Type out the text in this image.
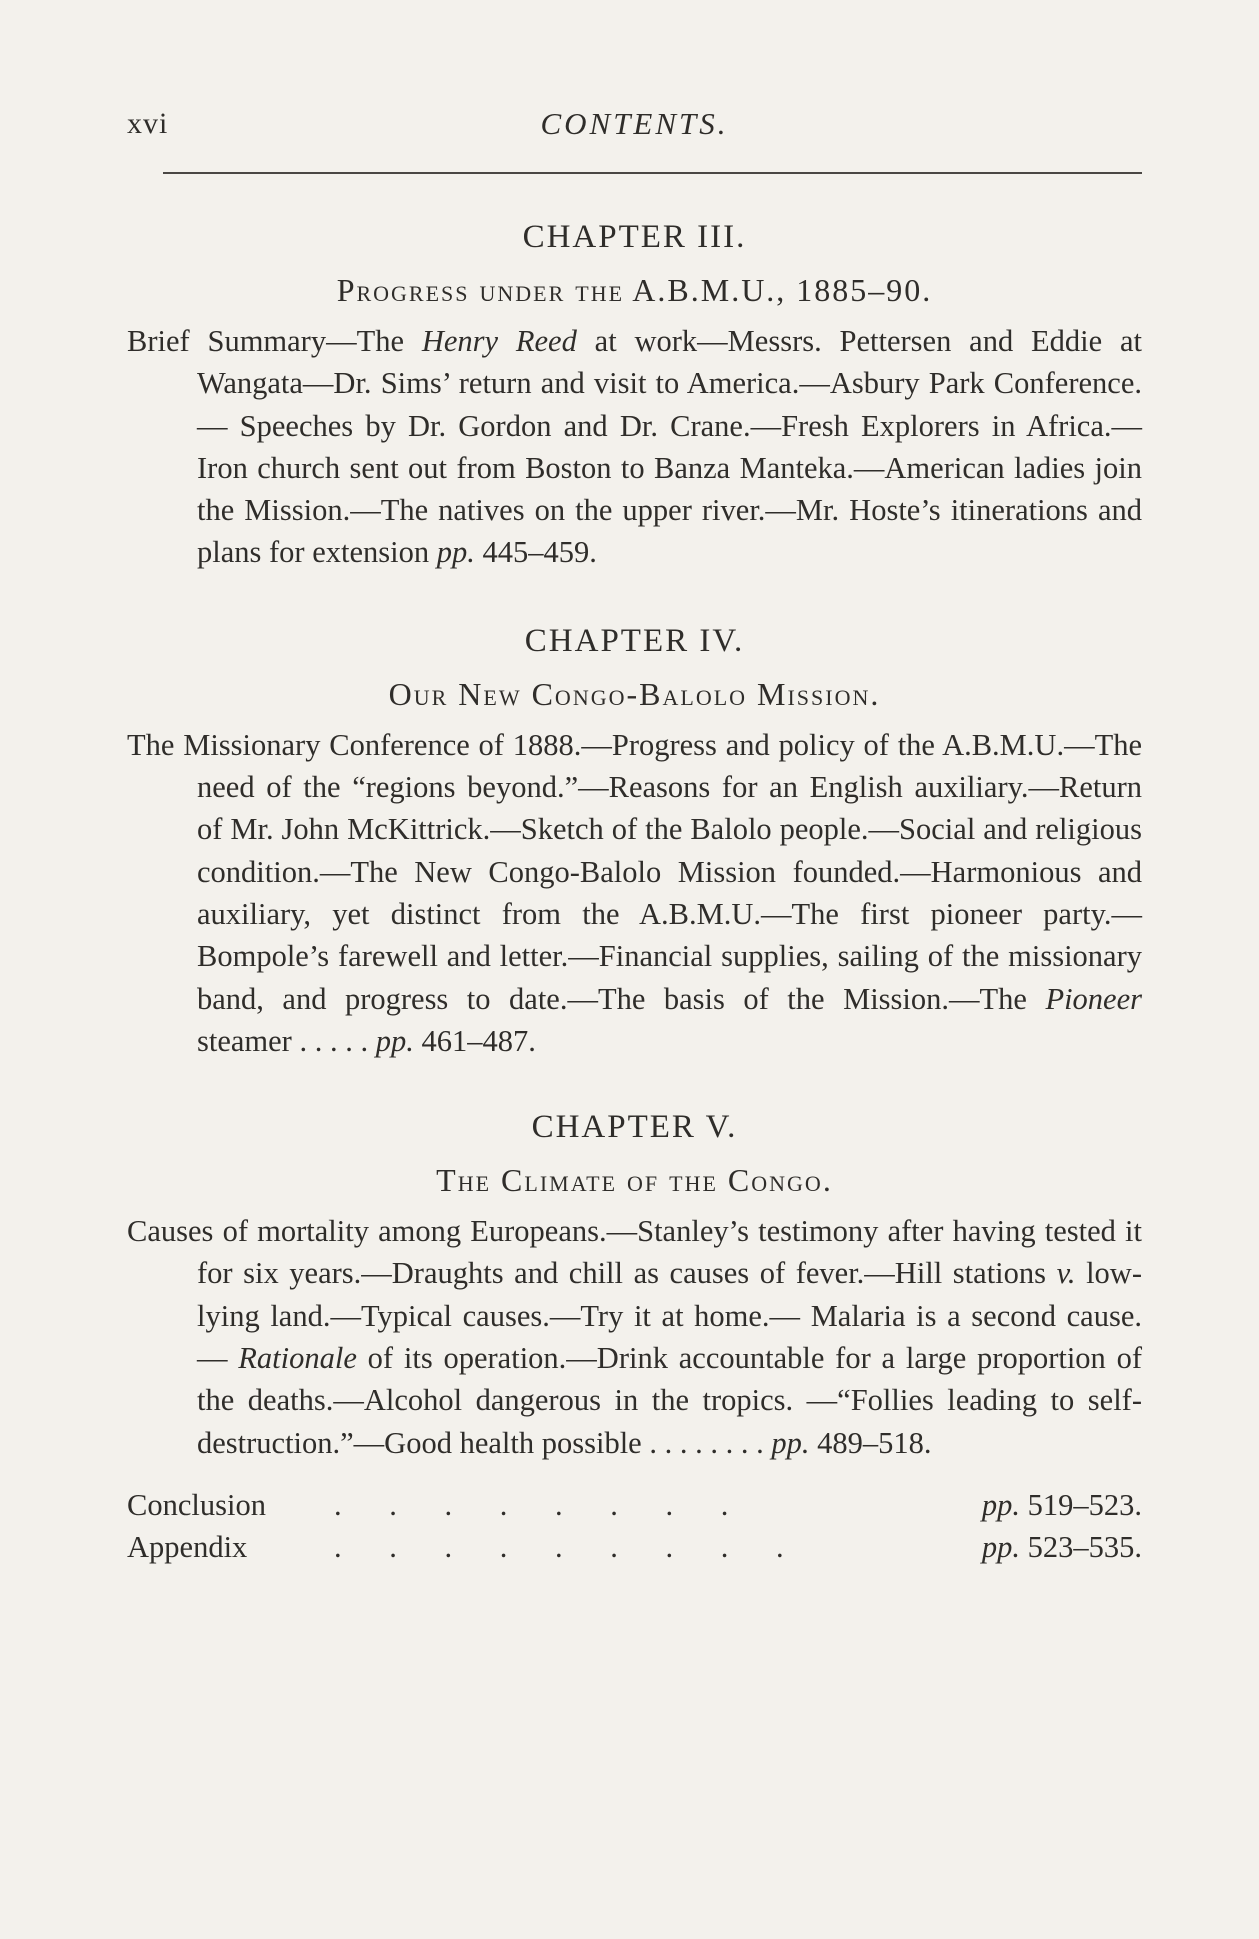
xvi	CONTENTS.
CHAPTER III.
Progress under the A.B.M.U., 1885–90.

Brief Summary—The Henry Reed at work—Messrs. Pettersen and Eddie at Wangata—Dr. Sims’ return and visit to America.—Asbury Park Conference.— Speeches by Dr. Gordon and Dr. Crane.—Fresh Explorers in Africa.—Iron church sent out from Boston to Banza Manteka.—American ladies join the Mission.—The natives on the upper river.—Mr. Hoste’s itinerations and plans for extension pp. 445–459.

CHAPTER IV.
Our New Congo-Balolo Mission.

The Missionary Conference of 1888.—Progress and policy of the A.B.M.U.—The need of the “regions beyond.”—Reasons for an English auxiliary.—Return of Mr. John McKittrick.—Sketch of the Balolo people.—Social and religious condition.—The New Congo-Balolo Mission founded.—Harmonious and auxiliary, yet distinct from the A.B.M.U.—The first pioneer party.—Bompole’s farewell and letter.—Financial supplies, sailing of the missionary band, and progress to date.—The basis of the Mission.—The Pioneer steamer . . . . . pp. 461–487.

CHAPTER V.
The Climate of the Congo.

Causes of mortality among Europeans.—Stanley’s testimony after having tested it for six years.—Draughts and chill as causes of fever.—Hill stations v. low-lying land.—Typical causes.—Try it at home.— Malaria is a second cause.— Rationale of its operation.—Drink accountable for a large proportion of the deaths.—Alcohol dangerous in the tropics. —“Follies leading to self-destruction.”—Good health possible . . . . . . . . pp. 489–518.

Conclusion . . . . . . . .	pp. 519–523.
Appendix	. . . . . . . . .	pp. 523–535.
